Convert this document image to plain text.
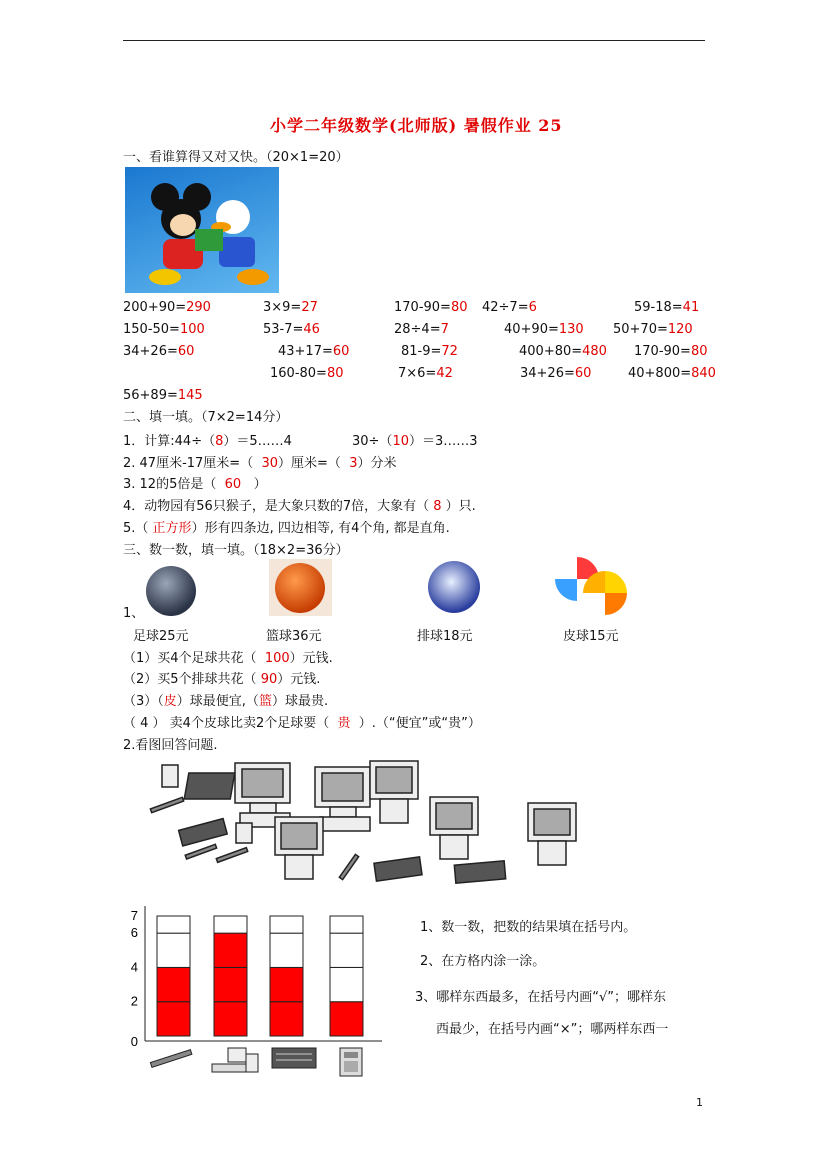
小学二年级数学(北师版) 暑假作业 25
一、看谁算得又对又快。（20×1=20）
200+90=290	3×9=27	170-90=80 42÷7=6	59-18=41
150-50=100	53-7=46	28÷4=7	40+90=130 50+70=120
34+26=60	43+17=60	81-9=72	400+80=480 170-90=80
160-80=80	7×6=42	34+26=60	40+800=840
56+89=145
二、填一填。（7×2=14分）
1．计算:44÷（8）＝5……4	30÷（10）＝3……3
2. 47厘米-17厘米=（ 30）厘米=（ 3）分米
3. 12的5倍是（ 60 ）
4．动物园有56只猴子，是大象只数的7倍，大象有（ 8 ）只.
5.（ 正方形）形有四条边, 四边相等, 有4个角, 都是直角.
三、数一数，填一填。（18×2=36分）
1、
足球25元	篮球36元	排球18元	皮球15元
（1）买4个足球共花（ 100）元钱.
（2）买5个排球共花（ 90）元钱.
（3）（皮）球最便宜,（篮）球最贵.
（ 4 ） 卖4个皮球比卖2个足球要（ 贵 ）.（“便宜”或“贵”）
2.看图回答问题.
0
2
4
6
7
1、数一数，把数的结果填在括号内。
2、在方格内涂一涂。
3、哪样东西最多，在括号内画“√”；哪样东
西最少，在括号内画“×”；哪两样东西一
1
